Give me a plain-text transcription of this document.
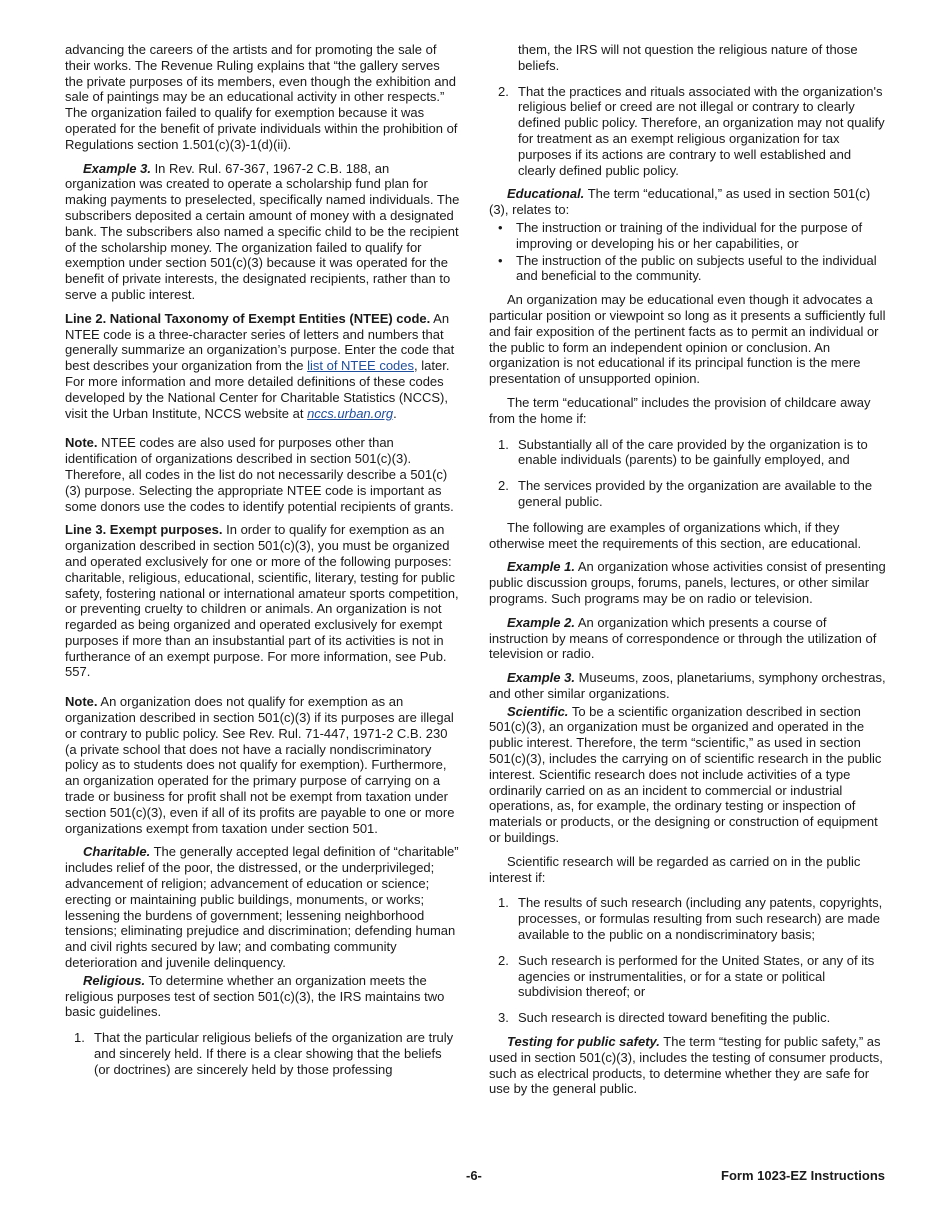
advancing the careers of the artists and for promoting the sale of their works. The Revenue Ruling explains that “the gallery serves the private purposes of its members, even though the exhibition and sale of paintings may be an educational activity in other respects.” The organization failed to qualify for exemption because it was operated for the benefit of private individuals within the prohibition of Regulations section 1.501(c)(3)-1(d)(ii).

Example 3. In Rev. Rul. 67-367, 1967-2 C.B. 188, an organization was created to operate a scholarship fund plan for making payments to preselected, specifically named individuals. The subscribers deposited a certain amount of money with a designated bank. The subscribers also named a specific child to be the recipient of the scholarship money. The organization failed to qualify for exemption under section 501(c)(3) because it was operated for the benefit of private interests, the designated recipients, rather than to serve a public interest.

Line 2. National Taxonomy of Exempt Entities (NTEE) code. An NTEE code is a three-character series of letters and numbers that generally summarize an organization’s purpose. Enter the code that best describes your organization from the list of NTEE codes, later. For more information and more detailed definitions of these codes developed by the National Center for Charitable Statistics (NCCS), visit the Urban Institute, NCCS website at nccs.urban.org.

Note. NTEE codes are also used for purposes other than identification of organizations described in section 501(c)(3). Therefore, all codes in the list do not necessarily describe a 501(c)(3) purpose. Selecting the appropriate NTEE code is important as some donors use the codes to identify potential recipients of grants.

Line 3. Exempt purposes. In order to qualify for exemption as an organization described in section 501(c)(3), you must be organized and operated exclusively for one or more of the following purposes: charitable, religious, educational, scientific, literary, testing for public safety, fostering national or international amateur sports competition, or preventing cruelty to children or animals. An organization is not regarded as being organized and operated exclusively for exempt purposes if more than an insubstantial part of its activities is not in furtherance of an exempt purpose. For more information, see Pub. 557.

Note. An organization does not qualify for exemption as an organization described in section 501(c)(3) if its purposes are illegal or contrary to public policy. See Rev. Rul. 71-447, 1971-2 C.B. 230 (a private school that does not have a racially nondiscriminatory policy as to students does not qualify for exemption). Furthermore, an organization operated for the primary purpose of carrying on a trade or business for profit shall not be exempt from taxation under section 501(c)(3), even if all of its profits are payable to one or more organizations exempt from taxation under section 501.

Charitable. The generally accepted legal definition of “charitable” includes relief of the poor, the distressed, or the underprivileged; advancement of religion; advancement of education or science; erecting or maintaining public buildings, monuments, or works; lessening the burdens of government; lessening neighborhood tensions; eliminating prejudice and discrimination; defending human and civil rights secured by law; and combating community deterioration and juvenile delinquency.

Religious. To determine whether an organization meets the religious purposes test of section 501(c)(3), the IRS maintains two basic guidelines.

1. That the particular religious beliefs of the organization are truly and sincerely held. If there is a clear showing that the beliefs (or doctrines) are sincerely held by those professing
them, the IRS will not question the religious nature of those beliefs.
2. That the practices and rituals associated with the organization's religious belief or creed are not illegal or contrary to clearly defined public policy. Therefore, an organization may not qualify for treatment as an exempt religious organization for tax purposes if its actions are contrary to well established and clearly defined public policy.

Educational. The term “educational,” as used in section 501(c)(3), relates to:

• The instruction or training of the individual for the purpose of improving or developing his or her capabilities, or
• The instruction of the public on subjects useful to the individual and beneficial to the community.

An organization may be educational even though it advocates a particular position or viewpoint so long as it presents a sufficiently full and fair exposition of the pertinent facts as to permit an individual or the public to form an independent opinion or conclusion. An organization is not educational if its principal function is the mere presentation of unsupported opinion.

The term “educational” includes the provision of childcare away from the home if:

1. Substantially all of the care provided by the organization is to enable individuals (parents) to be gainfully employed, and
2. The services provided by the organization are available to the general public.

The following are examples of organizations which, if they otherwise meet the requirements of this section, are educational.

Example 1. An organization whose activities consist of presenting public discussion groups, forums, panels, lectures, or other similar programs. Such programs may be on radio or television.

Example 2. An organization which presents a course of instruction by means of correspondence or through the utilization of television or radio.

Example 3. Museums, zoos, planetariums, symphony orchestras, and other similar organizations.

Scientific. To be a scientific organization described in section 501(c)(3), an organization must be organized and operated in the public interest. Therefore, the term “scientific,” as used in section 501(c)(3), includes the carrying on of scientific research in the public interest. Scientific research does not include activities of a type ordinarily carried on as an incident to commercial or industrial operations, as, for example, the ordinary testing or inspection of materials or products, or the designing or construction of equipment or buildings.

Scientific research will be regarded as carried on in the public interest if:

1. The results of such research (including any patents, copyrights, processes, or formulas resulting from such research) are made available to the public on a nondiscriminatory basis;
2. Such research is performed for the United States, or any of its agencies or instrumentalities, or for a state or political subdivision thereof; or
3. Such research is directed toward benefiting the public.

Testing for public safety. The term “testing for public safety,” as used in section 501(c)(3), includes the testing of consumer products, such as electrical products, to determine whether they are safe for use by the general public.

-6-	Form 1023-EZ Instructions
